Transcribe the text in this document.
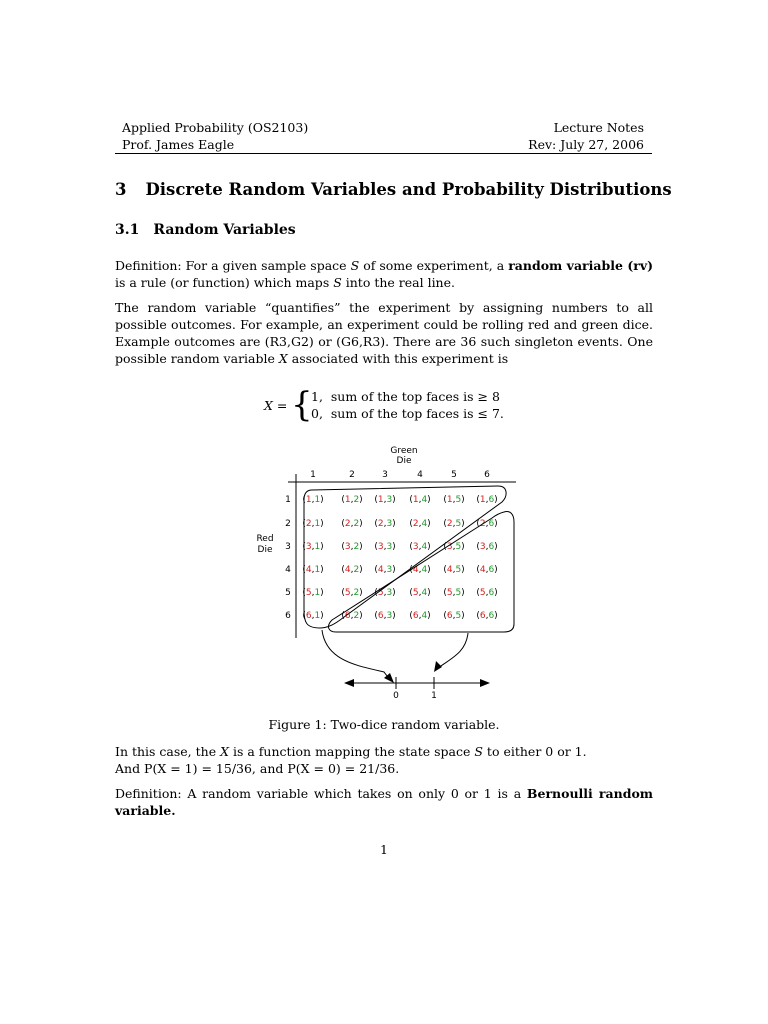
Applied Probability (OS2103)
Prof. James Eagle
Lecture Notes
Rev: July 27, 2006
3 Discrete Random Variables and Probability Distributions
3.1 Random Variables
Definition: For a given sample space S of some experiment, a random variable (rv) is a rule (or function) which maps S into the real line.
The random variable “quantifies” the experiment by assigning numbers to all possible outcomes. For example, an experiment could be rolling red and green dice. Example outcomes are (R3,G2) or (G6,R3). There are 36 such singleton events. One possible random variable X associated with this experiment is
X = {
1, sum of the top faces is ≥ 8
0, sum of the top faces is ≤ 7.
Green
Die
Red
Die
1	2	3	4	5	6
1
2
3
4
5
6
(1,1) (1,2) (1,3) (1,4) (1,5) (1,6)
(2,1) (2,2) (2,3) (2,4) (2,5) (2,6)
(3,1) (3,2) (3,3) (3,4) (3,5) (3,6)
(4,1) (4,2) (4,3) (4,4) (4,5) (4,6)
(5,1) (5,2) (5,3) (5,4) (5,5) (5,6)
(6,1) (6,2) (6,3) (6,4) (6,5) (6,6)
0	1
Figure 1: Two-dice random variable.
In this case, the X is a function mapping the state space S to either 0 or 1.
And P(X = 1) = 15/36, and P(X = 0) = 21/36.
Definition: A random variable which takes on only 0 or 1 is a Bernoulli random variable.
1
